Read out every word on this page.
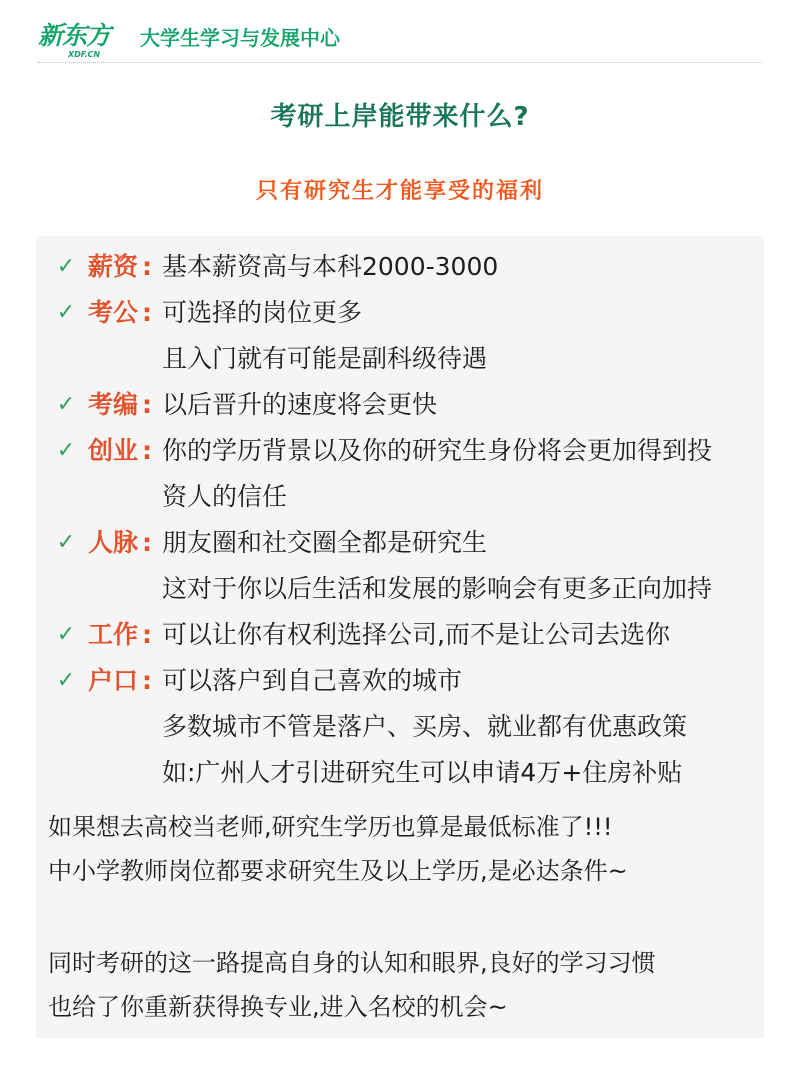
新东方
XDF.CN
大学生学习与发展中心
考研上岸能带来什么?
只有研究生才能享受的福利
✓ 薪资 : 基本薪资高与本科2000-3000
✓ 考公 : 可选择的岗位更多
且入门就有可能是副科级待遇
✓ 考编 : 以后晋升的速度将会更快
✓ 创业 : 你的学历背景以及你的研究生身份将会更加得到投
资人的信任
✓ 人脉 : 朋友圈和社交圈全都是研究生
这对于你以后生活和发展的影响会有更多正向加持
✓ 工作 : 可以让你有权利选择公司,而不是让公司去选你
✓ 户口 : 可以落户到自己喜欢的城市
多数城市不管是落户、买房、就业都有优惠政策
如:广州人才引进研究生可以申请4万+住房补贴
如果想去高校当老师,研究生学历也算是最低标准了!!!
中小学教师岗位都要求研究生及以上学历,是必达条件~
同时考研的这一路提高自身的认知和眼界,良好的学习习惯
也给了你重新获得换专业,进入名校的机会~
